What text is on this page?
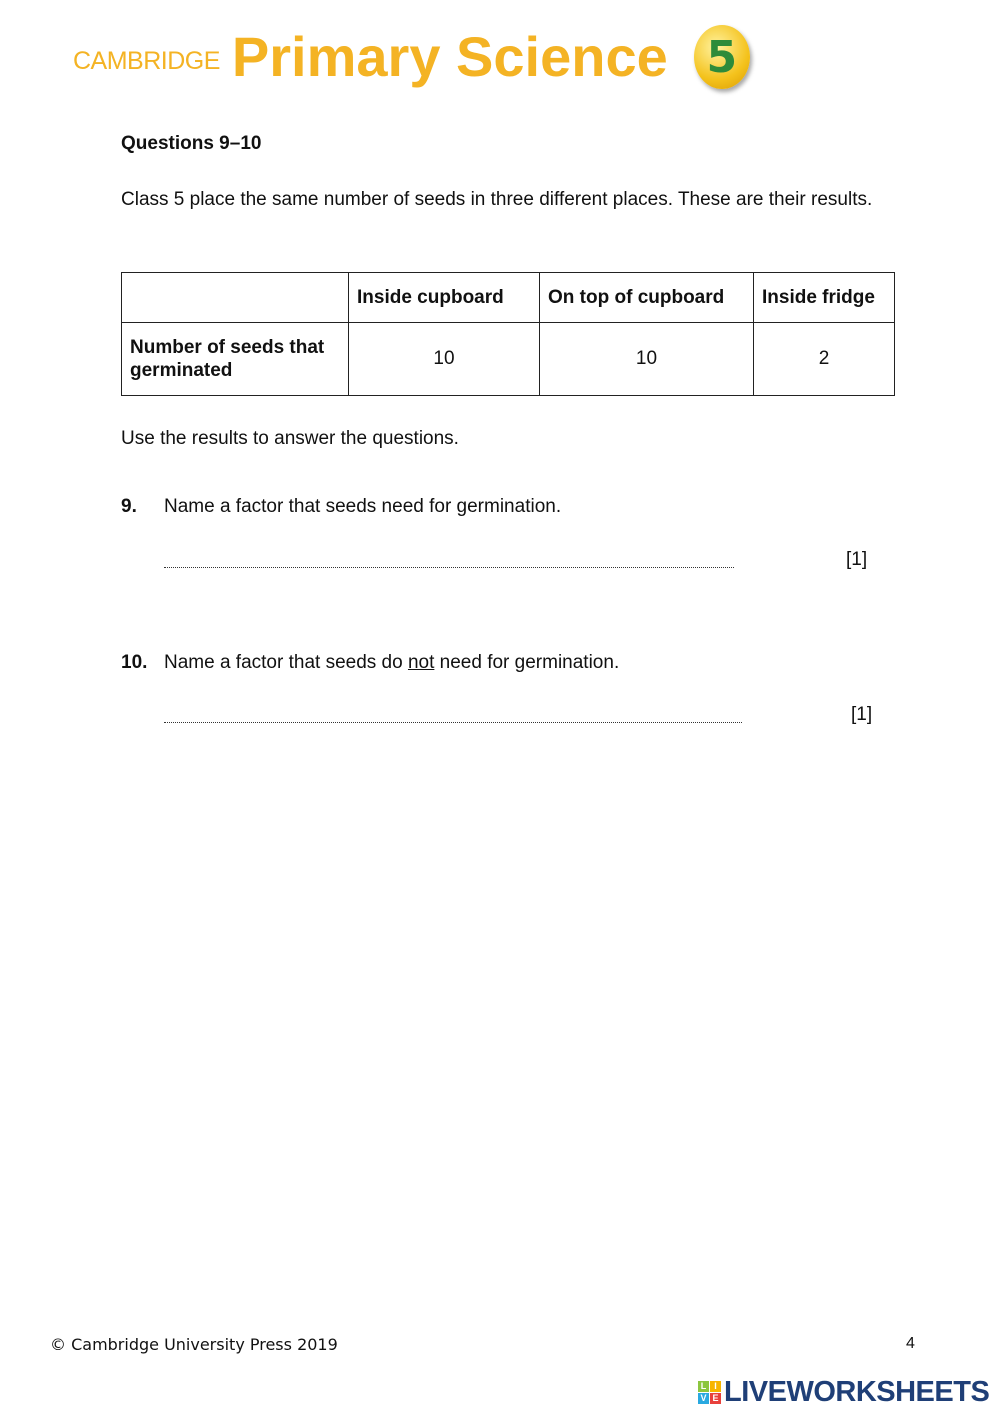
CAMBRIDGE Primary Science 5
Questions 9–10
Class 5 place the same number of seeds in three different places. These are their results.
	Inside cupboard	On top of cupboard	Inside fridge
Number of seeds that germinated	10	10	2
Use the results to answer the questions.
9. Name a factor that seeds need for germination.
[1]
10. Name a factor that seeds do not need for germination.
[1]
© Cambridge University Press 2019	4
L I
V E LIVEWORKSHEETS
